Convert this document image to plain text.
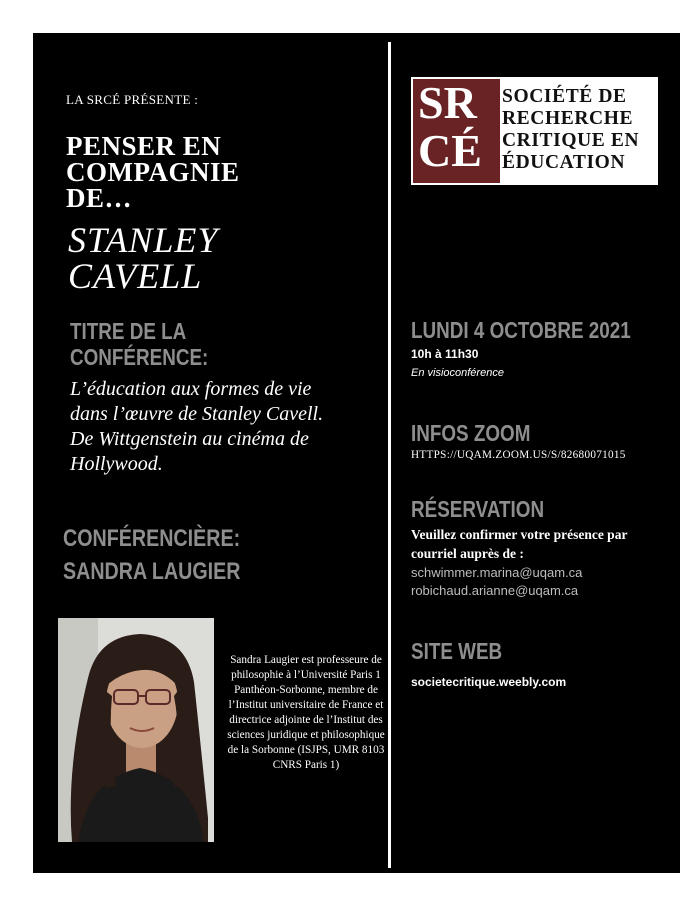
LA SRCÉ PRÉSENTE :
PENSER EN
COMPAGNIE
DE…
STANLEY
CAVELL
TITRE DE LA
CONFÉRENCE:
L’éducation aux formes de vie dans l’œuvre de Stanley Cavell. De Wittgenstein au cinéma de Hollywood.
CONFÉRENCIÈRE:
SANDRA LAUGIER
Sandra Laugier est professeure de philosophie à l’Université Paris 1 Panthéon-Sorbonne, membre de l’Institut universitaire de France et directrice adjointe de l’Institut des sciences juridique et philosophique de la Sorbonne (ISJPS, UMR 8103 CNRS Paris 1)
SR
CÉ
SOCIÉTÉ DE
RECHERCHE
CRITIQUE EN
ÉDUCATION
LUNDI 4 OCTOBRE 2021
10h à 11h30
En visioconférence
INFOS ZOOM
HTTPS://UQAM.ZOOM.US/S/82680071015
RÉSERVATION
Veuillez confirmer votre présence par courriel auprès de :
schwimmer.marina@uqam.ca
robichaud.arianne@uqam.ca
SITE WEB
societecritique.weebly.com
